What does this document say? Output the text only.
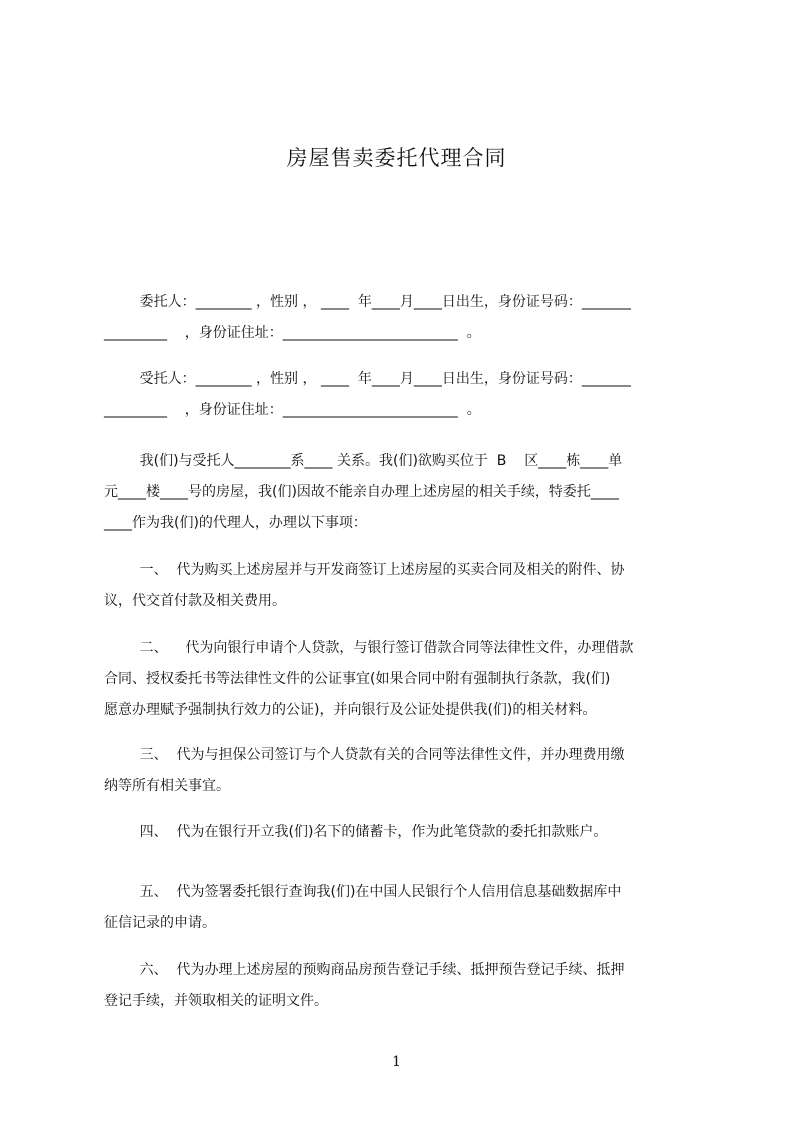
房屋售卖委托代理合同

委托人：________ ，性别 ， ____  年____月____日出生，身份证号码：_______
_________    ，身份证住址：_________________________  。

受托人：________ ，性别 ， ____  年____月____日出生，身份证号码：_______
_________    ，身份证住址：_________________________  。

我(们)与受托人________系____ 关系。我(们)欲购买位于  B    区____栋____单
元____楼____号的房屋，我(们)因故不能亲自办理上述房屋的相关手续，特委托____
____作为我(们)的代理人，办理以下事项：

一、  代为购买上述房屋并与开发商签订上述房屋的买卖合同及相关的附件、协
议，代交首付款及相关费用。

二、    代为向银行申请个人贷款，与银行签订借款合同等法律性文件，办理借款
合同、授权委托书等法律性文件的公证事宜(如果合同中附有强制执行条款，我(们)
愿意办理赋予强制执行效力的公证)，并向银行及公证处提供我(们)的相关材料。

三、  代为与担保公司签订与个人贷款有关的合同等法律性文件，并办理费用缴
纳等所有相关事宜。

四、  代为在银行开立我(们)名下的储蓄卡，作为此笔贷款的委托扣款账户。

五、  代为签署委托银行查询我(们)在中国人民银行个人信用信息基础数据库中
征信记录的申请。

六、  代为办理上述房屋的预购商品房预告登记手续、抵押预告登记手续、抵押
登记手续，并领取相关的证明文件。

1
